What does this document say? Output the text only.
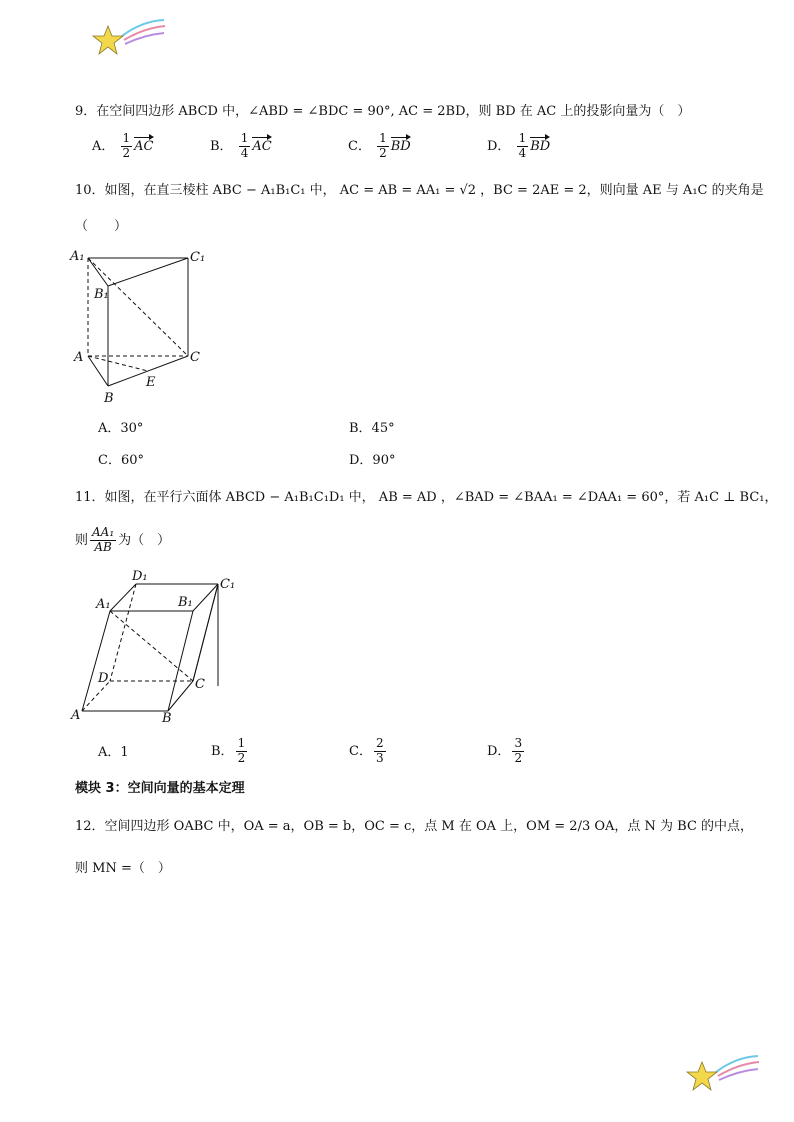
9．在空间四边形 ABCD 中，∠ABD = ∠BDC = 90°, AC = 2BD，则 BD 在 AC 上的投影向量为（　）
A． $\frac{1}{2}$ AC	B． $\frac{1}{4}$ AC	C． $\frac{1}{2}$ BD	D． $\frac{1}{4}$ BD
10．如图，在直三棱柱 ABC − A₁B₁C₁ 中， AC = AB = AA₁ = √2 ，BC = 2AE = 2，则向量 AE 与 A₁C 的夹角是
（　　）
A₁	C₁
B₁
A	C
E
B
A．30°	B．45°
C．60°	D．90°
11．如图，在平行六面体 ABCD − A₁B₁C₁D₁ 中， AB = AD ，∠BAD = ∠BAA₁ = ∠DAA₁ = 60°，若 A₁C ⊥ BC₁，
则 $\frac{\text{AA₁}}{AB}$ 为（　）
D₁
C₁
A₁	B₁
D	C
A	B
A．1	B． $\frac{1}{2}$	C． $\frac{2}{3}$	D． $\frac{3}{2}$
模块 3：空间向量的基本定理
12．空间四边形 OABC 中，OA = a，OB = b，OC = c，点 M 在 OA 上，OM = 2/3 OA，点 N 为 BC 的中点，
则 MN =（　）
